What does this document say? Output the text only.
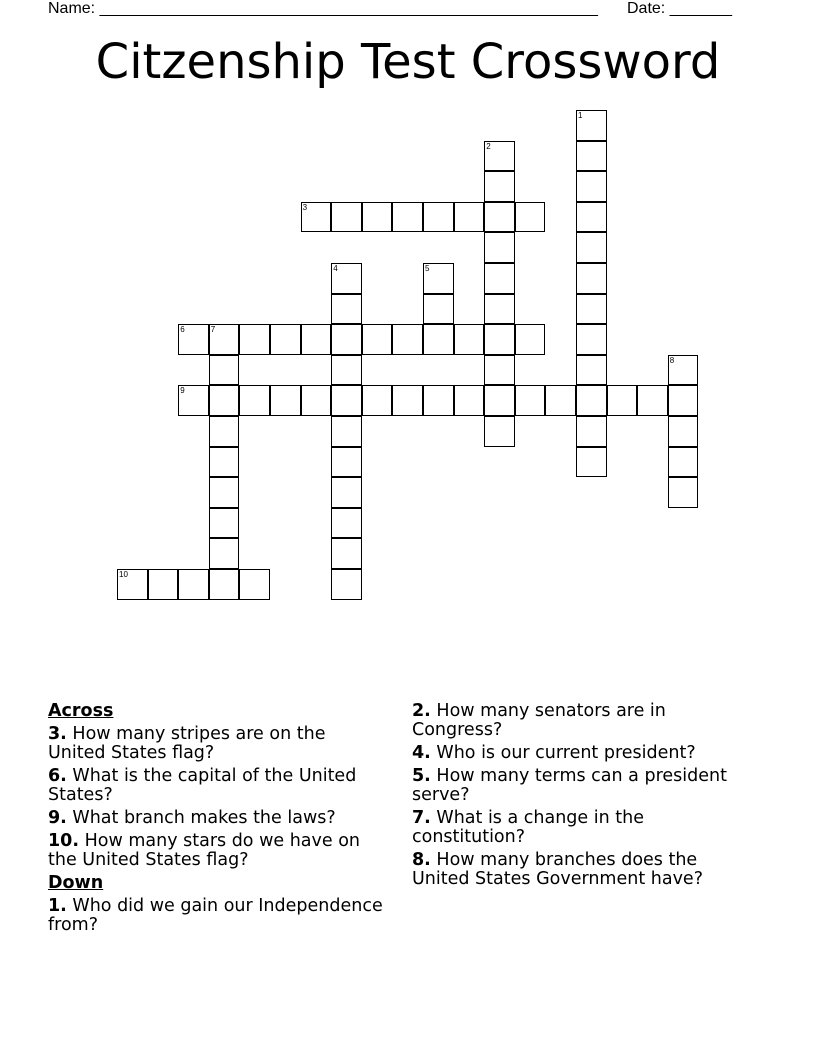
Name: ________________________________________________________ Date: _______
Citzenship Test Crossword
1
2
3
4	5
6	7
8
9
10
Across
3. How many stripes are on the United States flag?
6. What is the capital of the United States?
9. What branch makes the laws?
10. How many stars do we have on the United States flag?
Down
1. Who did we gain our Independence from?
2. How many senators are in Congress?
4. Who is our current president?
5. How many terms can a president serve?
7. What is a change in the constitution?
8. How many branches does the United States Government have?
